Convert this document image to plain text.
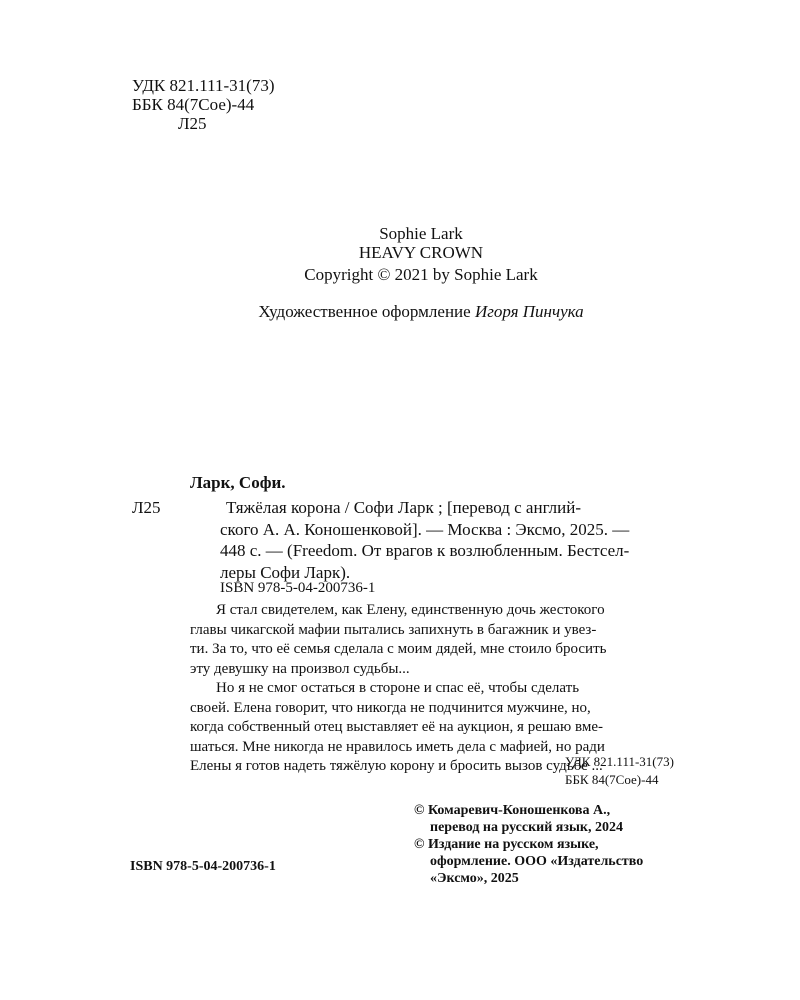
УДК 821.111-31(73)
ББК 84(7Сое)-44
Л25
Sophie Lark
HEAVY CROWN
Copyright © 2021 by Sophie Lark
Художественное оформление Игоря Пинчука
Ларк, Софи.
Л25	Тяжёлая корона / Софи Ларк ; [перевод с англий-
ского А. А. Коношенковой]. — Москва : Эксмо, 2025. —
448 с. — (Freedom. От врагов к возлюбленным. Бестсел-
леры Софи Ларк).
ISBN 978-5-04-200736-1
Я стал свидетелем, как Елену, единственную дочь жестокого
главы чикагской мафии пытались запихнуть в багажник и увез-
ти. За то, что её семья сделала с моим дядей, мне стоило бросить
эту девушку на произвол судьбы...
Но я не смог остаться в стороне и спас её, чтобы сделать
своей. Елена говорит, что никогда не подчинится мужчине, но,
когда собственный отец выставляет её на аукцион, я решаю вме-
шаться. Мне никогда не нравилось иметь дела с мафией, но ради
Елены я готов надеть тяжёлую корону и бросить вызов судьбе ...
УДК 821.111-31(73)
ББК 84(7Сое)-44
© Комаревич-Коношенкова А.,
перевод на русский язык, 2024
© Издание на русском языке,
оформление. ООО «Издательство
«Эксмо», 2025
ISBN 978-5-04-200736-1
